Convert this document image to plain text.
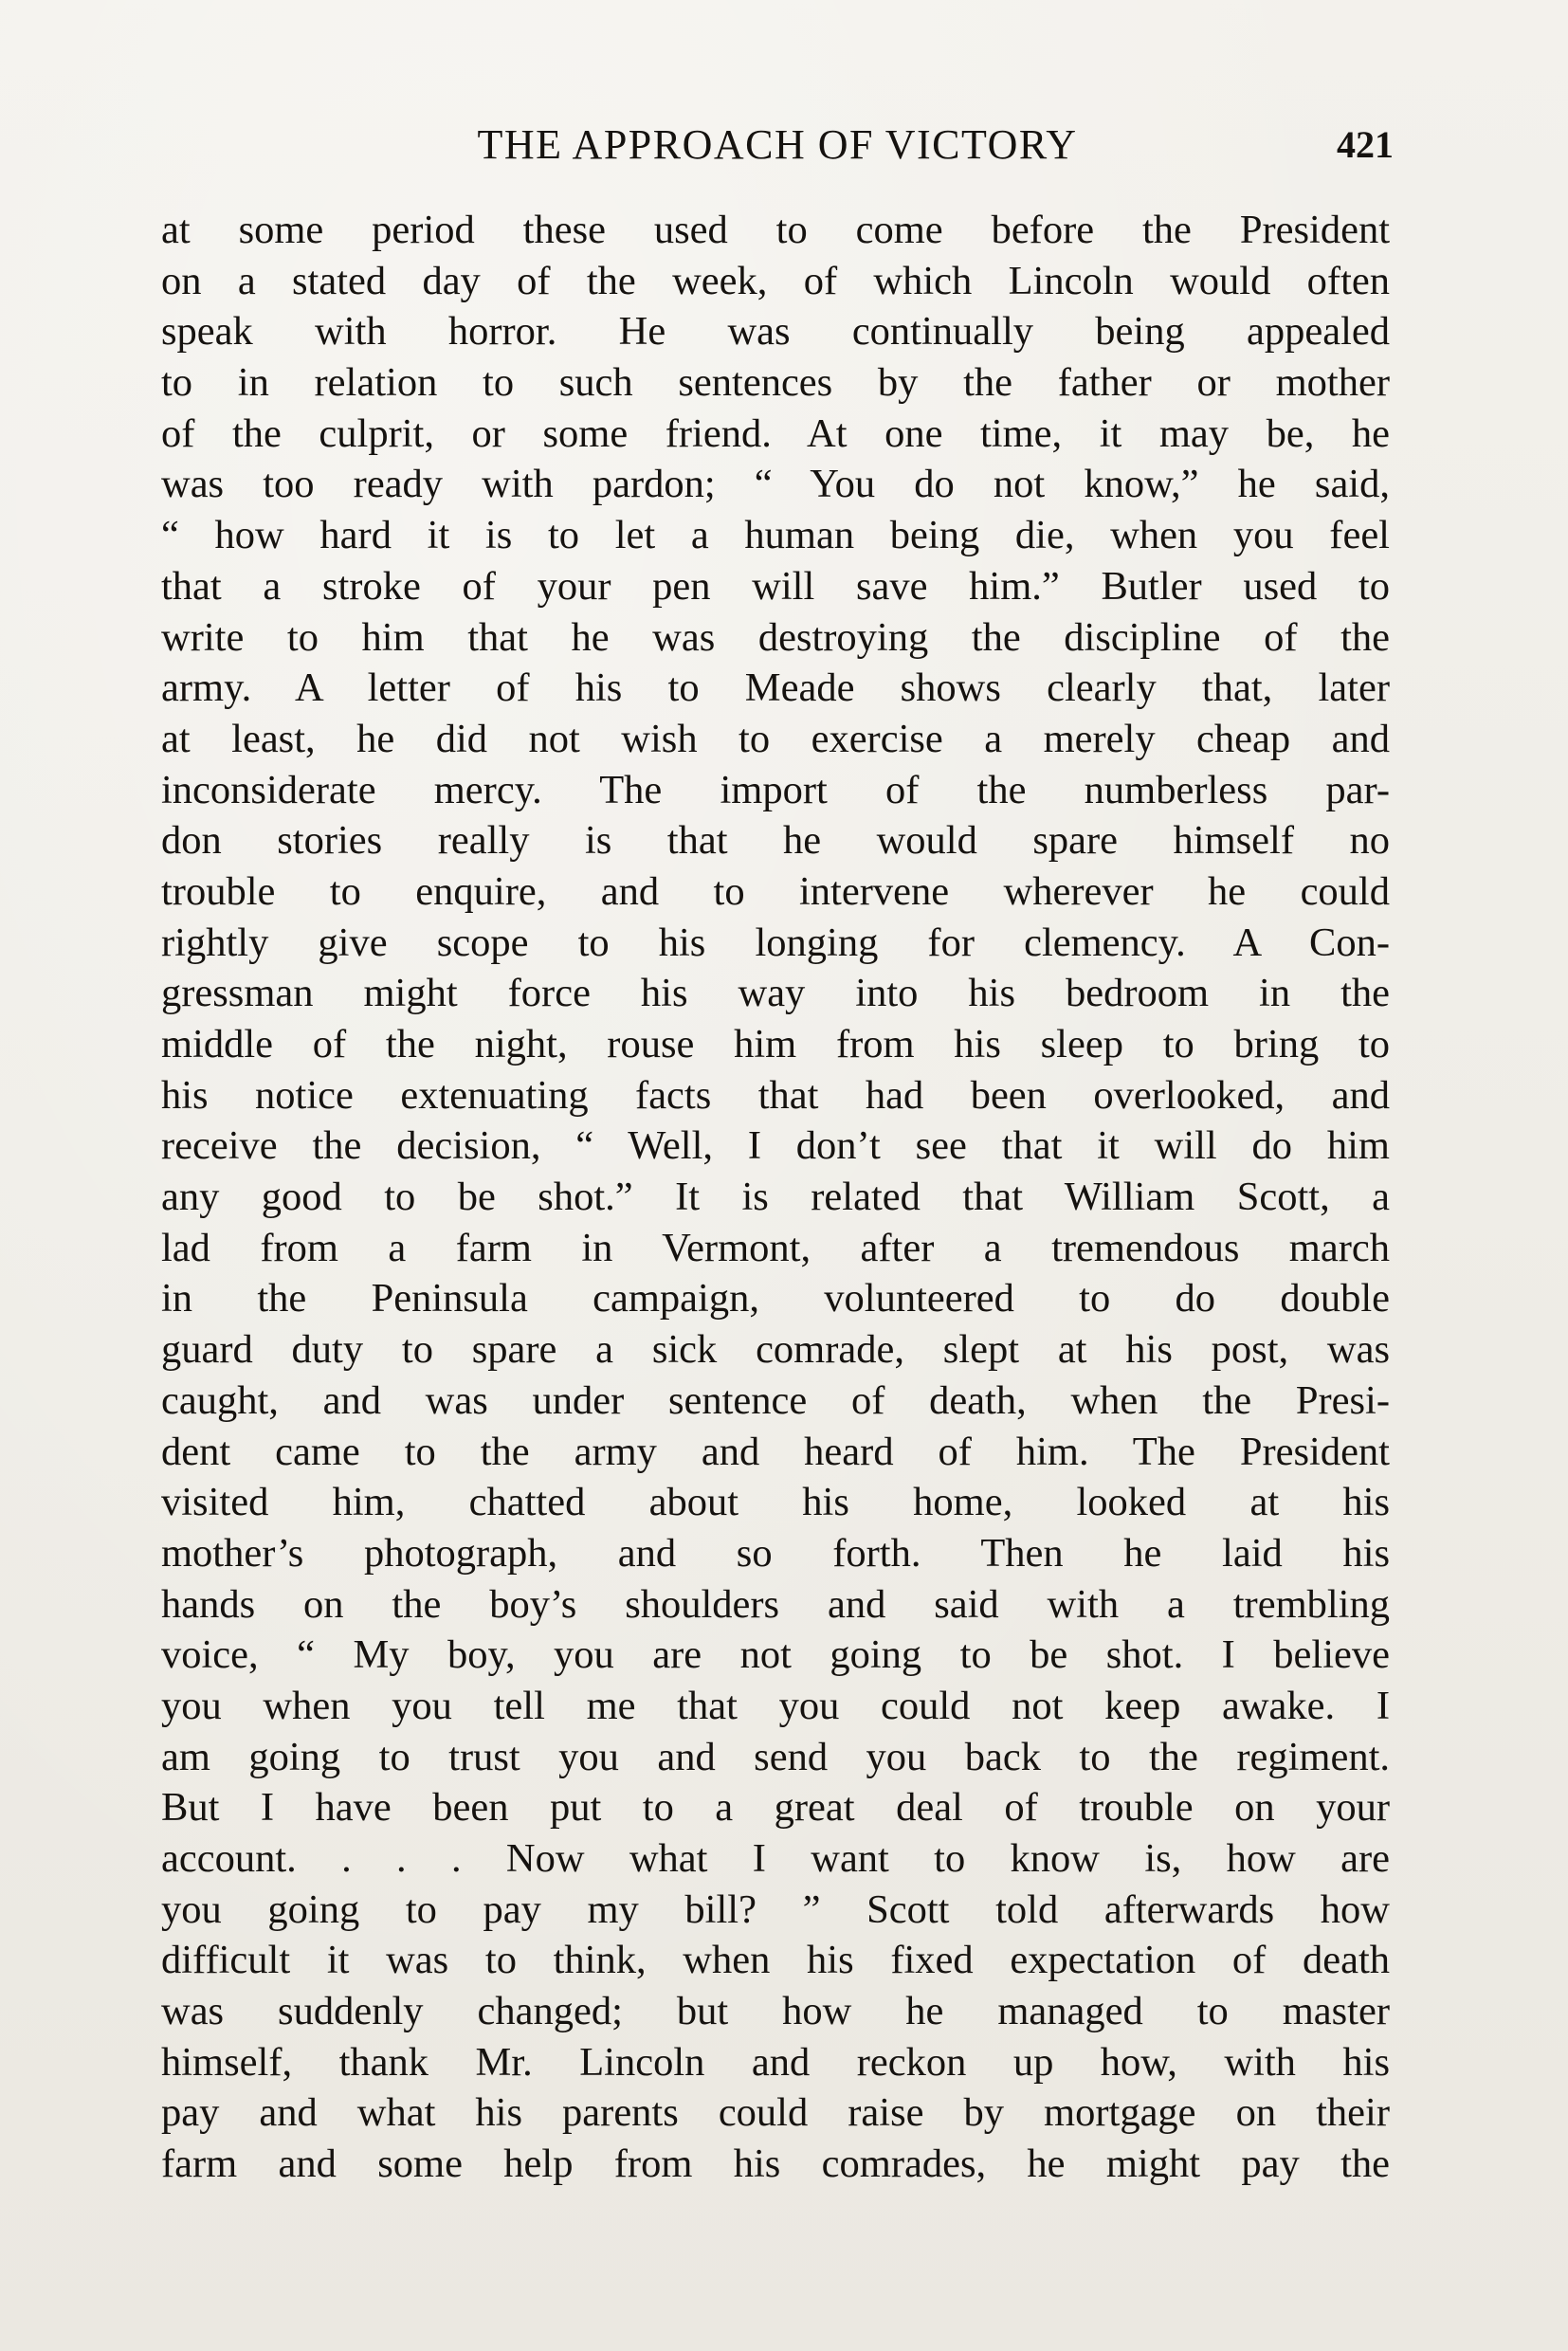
THE APPROACH OF VICTORY	421
at some period these used to come before the President
on a stated day of the week, of which Lincoln would often
speak with horror. He was continually being appealed
to in relation to such sentences by the father or mother
of the culprit, or some friend. At one time, it may be, he
was too ready with pardon; “ You do not know,” he said,
“ how hard it is to let a human being die, when you feel
that a stroke of your pen will save him.” Butler used to
write to him that he was destroying the discipline of the
army. A letter of his to Meade shows clearly that, later
at least, he did not wish to exercise a merely cheap and
inconsiderate mercy. The import of the numberless par-
don stories really is that he would spare himself no
trouble to enquire, and to intervene wherever he could
rightly give scope to his longing for clemency. A Con-
gressman might force his way into his bedroom in the
middle of the night, rouse him from his sleep to bring to
his notice extenuating facts that had been overlooked, and
receive the decision, “ Well, I don’t see that it will do him
any good to be shot.” It is related that William Scott, a
lad from a farm in Vermont, after a tremendous march
in the Peninsula campaign, volunteered to do double
guard duty to spare a sick comrade, slept at his post, was
caught, and was under sentence of death, when the Presi-
dent came to the army and heard of him. The President
visited him, chatted about his home, looked at his
mother’s photograph, and so forth. Then he laid his
hands on the boy’s shoulders and said with a trembling
voice, “ My boy, you are not going to be shot. I believe
you when you tell me that you could not keep awake. I
am going to trust you and send you back to the regiment.
But I have been put to a great deal of trouble on your
account. . . . Now what I want to know is, how are
you going to pay my bill? ” Scott told afterwards how
difficult it was to think, when his fixed expectation of death
was suddenly changed; but how he managed to master
himself, thank Mr. Lincoln and reckon up how, with his
pay and what his parents could raise by mortgage on their
farm and some help from his comrades, he might pay the
